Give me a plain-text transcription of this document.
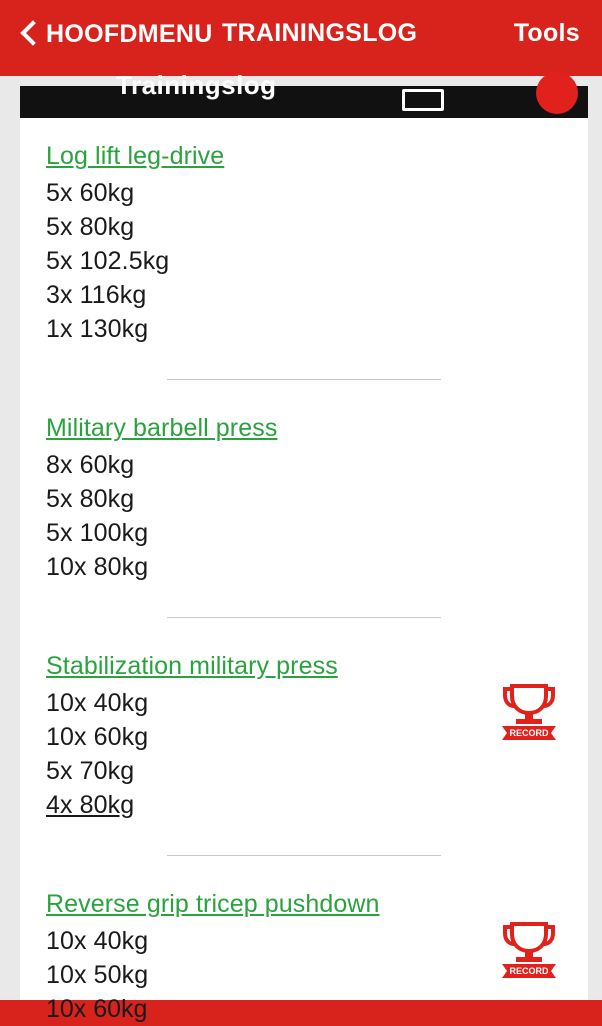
HOOFDMENU TRAININGSLOG	Tools
Trainingslog
Log lift leg-drive
5x 60kg
5x 80kg
5x 102.5kg
3x 116kg
1x 130kg
Military barbell press
8x 60kg
5x 80kg
5x 100kg
10x 80kg
Stabilization military press
10x 40kg
10x 60kg
5x 70kg
4x 80kg
RECORD
Reverse grip tricep pushdown
10x 40kg
10x 50kg
10x 60kg
RECORD
